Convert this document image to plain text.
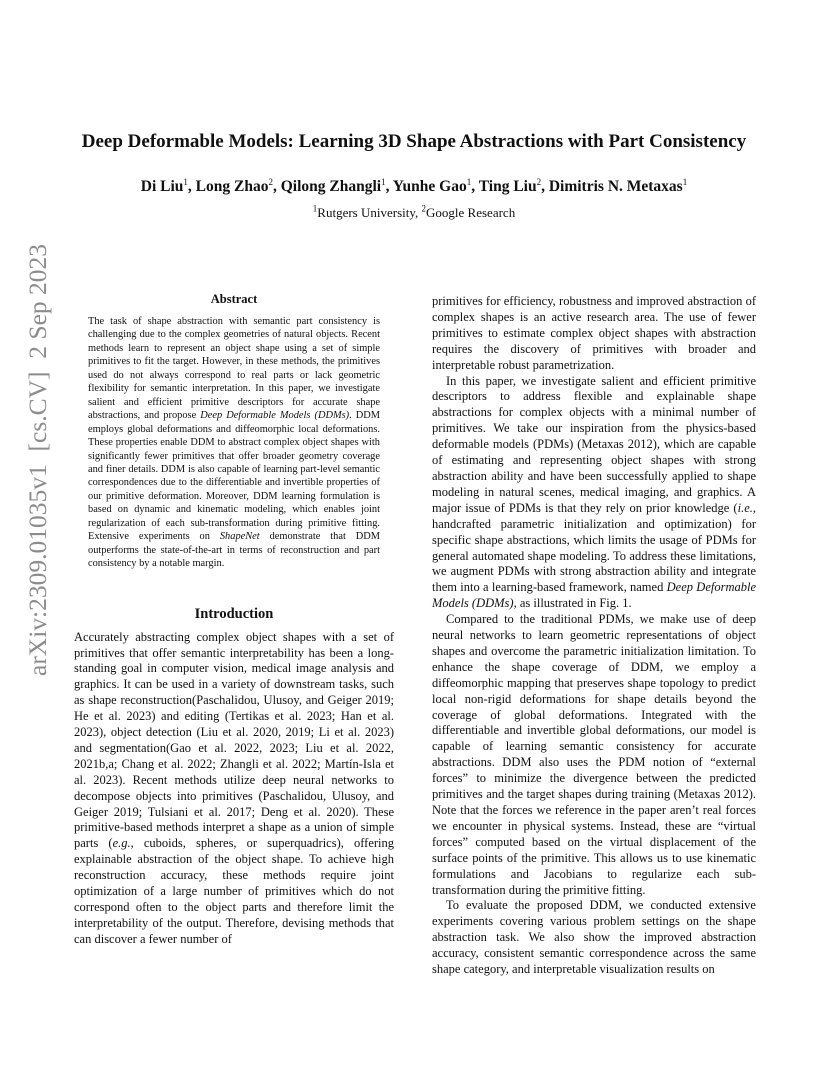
arXiv:2309.01035v1  [cs.CV]  2 Sep 2023
Deep Deformable Models: Learning 3D Shape Abstractions with Part Consistency
Di Liu$^1$, Long Zhao$^2$, Qilong Zhangli$^1$, Yunhe Gao$^1$, Ting Liu$^2$, Dimitris N. Metaxas$^1$
$^1$Rutgers University, $^2$Google Research
Abstract

The task of shape abstraction with semantic part consistency is challenging due to the complex geometries of natural objects. Recent methods learn to represent an object shape using a set of simple primitives to fit the target. However, in these methods, the primitives used do not always correspond to real parts or lack geometric flexibility for semantic interpretation. In this paper, we investigate salient and efficient primitive descriptors for accurate shape abstractions, and propose Deep Deformable Models (DDMs). DDM employs global deformations and diffeomorphic local deformations. These properties enable DDM to abstract complex object shapes with significantly fewer primitives that offer broader geometry coverage and finer details. DDM is also capable of learning part-level semantic correspondences due to the differentiable and invertible properties of our primitive deformation. Moreover, DDM learning formulation is based on dynamic and kinematic modeling, which enables joint regularization of each sub-transformation during primitive fitting. Extensive experiments on ShapeNet demonstrate that DDM outperforms the state-of-the-art in terms of reconstruction and part consistency by a notable margin.

Introduction

Accurately abstracting complex object shapes with a set of primitives that offer semantic interpretability has been a long-standing goal in computer vision, medical image analysis and graphics. It can be used in a variety of downstream tasks, such as shape reconstruction(Paschalidou, Ulusoy, and Geiger 2019; He et al. 2023) and editing (Tertikas et al. 2023; Han et al. 2023), object detection (Liu et al. 2020, 2019; Li et al. 2023) and segmentation(Gao et al. 2022, 2023; Liu et al. 2022, 2021b,a; Chang et al. 2022; Zhangli et al. 2022; Martín-Isla et al. 2023). Recent methods utilize deep neural networks to decompose objects into primitives (Paschalidou, Ulusoy, and Geiger 2019; Tulsiani et al. 2017; Deng et al. 2020). These primitive-based methods interpret a shape as a union of simple parts (e.g., cuboids, spheres, or superquadrics), offering explainable abstraction of the object shape. To achieve high reconstruction accuracy, these methods require joint optimization of a large number of primitives which do not correspond often to the object parts and therefore limit the interpretability of the output. Therefore, devising methods that can discover a fewer number of

primitives for efficiency, robustness and improved abstraction of complex shapes is an active research area. The use of fewer primitives to estimate complex object shapes with abstraction requires the discovery of primitives with broader and interpretable robust parametrization.

In this paper, we investigate salient and efficient primitive descriptors to address flexible and explainable shape abstractions for complex objects with a minimal number of primitives. We take our inspiration from the physics-based deformable models (PDMs) (Metaxas 2012), which are capable of estimating and representing object shapes with strong abstraction ability and have been successfully applied to shape modeling in natural scenes, medical imaging, and graphics. A major issue of PDMs is that they rely on prior knowledge (i.e., handcrafted parametric initialization and optimization) for specific shape abstractions, which limits the usage of PDMs for general automated shape modeling. To address these limitations, we augment PDMs with strong abstraction ability and integrate them into a learning-based framework, named Deep Deformable Models (DDMs), as illustrated in Fig. 1.

Compared to the traditional PDMs, we make use of deep neural networks to learn geometric representations of object shapes and overcome the parametric initialization limitation. To enhance the shape coverage of DDM, we employ a diffeomorphic mapping that preserves shape topology to predict local non-rigid deformations for shape details beyond the coverage of global deformations. Integrated with the differentiable and invertible global deformations, our model is capable of learning semantic consistency for accurate abstractions. DDM also uses the PDM notion of “external forces” to minimize the divergence between the predicted primitives and the target shapes during training (Metaxas 2012). Note that the forces we reference in the paper aren’t real forces we encounter in physical systems. Instead, these are “virtual forces” computed based on the virtual displacement of the surface points of the primitive. This allows us to use kinematic formulations and Jacobians to regularize each sub-transformation during the primitive fitting.

To evaluate the proposed DDM, we conducted extensive experiments covering various problem settings on the shape abstraction task. We also show the improved abstraction accuracy, consistent semantic correspondence across the same shape category, and interpretable visualization results on
